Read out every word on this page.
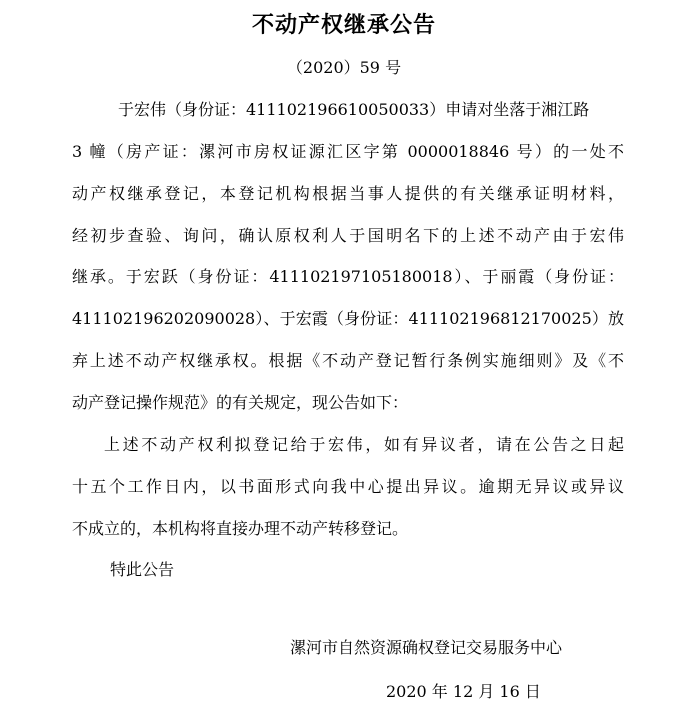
不动产权继承公告
（2020）59 号
于宏伟（身份证：411102196610050033）申请对坐落于湘江路
3 幢（房产证：漯河市房权证源汇区字第 0000018846 号）的一处不
动产权继承登记，本登记机构根据当事人提供的有关继承证明材料，
经初步查验、询问，确认原权利人于国明名下的上述不动产由于宏伟
继承。于宏跃（身份证：411102197105180018）、于丽霞（身份证：
411102196202090028）、于宏霞（身份证：411102196812170025）放
弃上述不动产权继承权。根据《不动产登记暂行条例实施细则》及《不
动产登记操作规范》的有关规定，现公告如下：
上述不动产权利拟登记给于宏伟，如有异议者，请在公告之日起
十五个工作日内，以书面形式向我中心提出异议。逾期无异议或异议
不成立的，本机构将直接办理不动产转移登记。
特此公告
漯河市自然资源确权登记交易服务中心
2020 年 12 月 16 日
